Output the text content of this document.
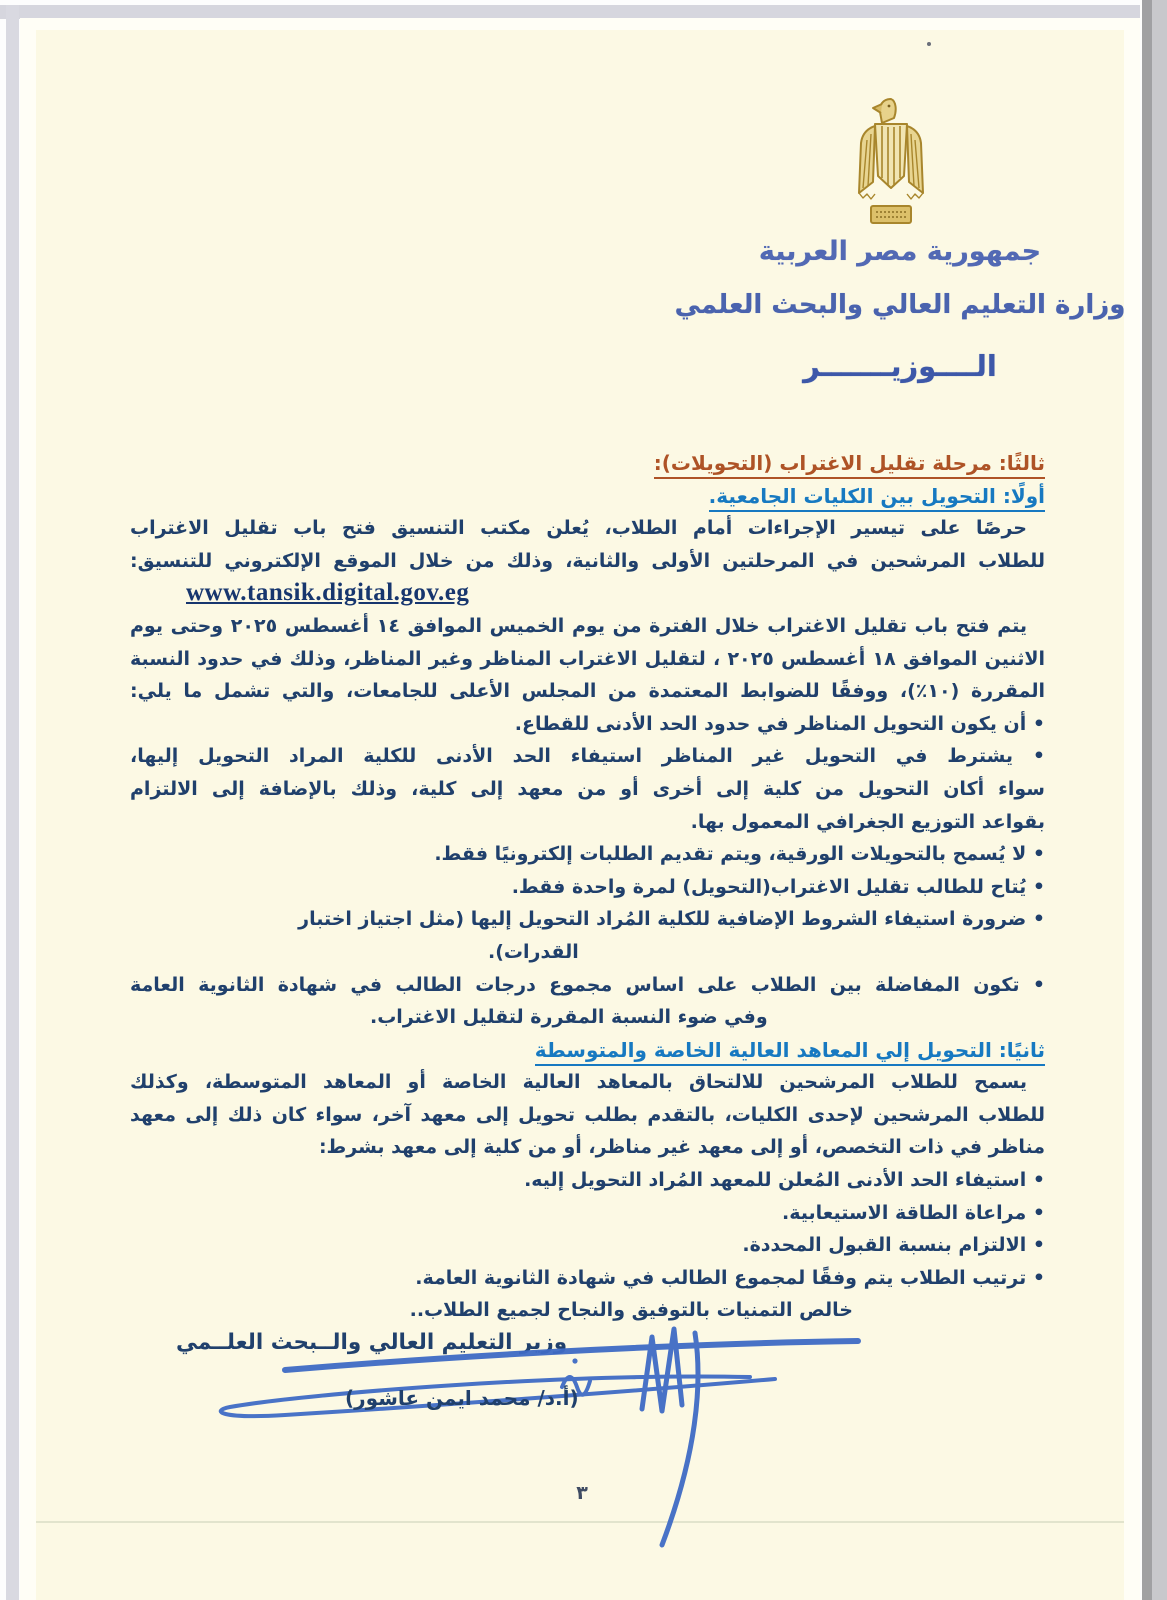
جمهورية مصر العربية
وزارة التعليم العالي والبحث العلمي
الــــوزيـــــــر
ثالثًا: مرحلة تقليل الاغتراب (التحويلات):
أولًا: التحويل بين الكليات الجامعية.
حرصًا على تيسير الإجراءات أمام الطلاب، يُعلن مكتب التنسيق فتح باب تقليل الاغتراب
للطلاب المرشحين في المرحلتين الأولى والثانية، وذلك من خلال الموقع الإلكتروني للتنسيق:
www.tansik.digital.gov.eg
يتم فتح باب تقليل الاغتراب خلال الفترة من يوم الخميس الموافق ١٤ أغسطس ٢٠٢٥ وحتى يوم
الاثنين الموافق ١٨ أغسطس ٢٠٢٥ ، لتقليل الاغتراب المناظر وغير المناظر، وذلك في حدود النسبة
المقررة (١٠٪)، ووفقًا للضوابط المعتمدة من المجلس الأعلى للجامعات، والتي تشمل ما يلي:
• أن يكون التحويل المناظر في حدود الحد الأدنى للقطاع.
• يشترط في التحويل غير المناظر استيفاء الحد الأدنى للكلية المراد التحويل إليها،
سواء أكان التحويل من كلية إلى أخرى أو من معهد إلى كلية، وذلك بالإضافة إلى الالتزام
بقواعد التوزيع الجغرافي المعمول بها.
• لا يُسمح بالتحويلات الورقية، ويتم تقديم الطلبات إلكترونيًا فقط.
• يُتاح للطالب تقليل الاغتراب(التحويل) لمرة واحدة فقط.
• ضرورة استيفاء الشروط الإضافية للكلية المُراد التحويل إليها (مثل اجتياز اختبار
القدرات).
• تكون المفاضلة بين الطلاب على اساس مجموع درجات الطالب في شهادة الثانوية العامة
وفي ضوء النسبة المقررة لتقليل الاغتراب.
ثانيًا: التحويل إلي المعاهد العالية الخاصة والمتوسطة
يسمح للطلاب المرشحين للالتحاق بالمعاهد العالية الخاصة أو المعاهد المتوسطة، وكذلك
للطلاب المرشحين لإحدى الكليات، بالتقدم بطلب تحويل إلى معهد آخر، سواء كان ذلك إلى معهد
مناظر في ذات التخصص، أو إلى معهد غير مناظر، أو من كلية إلى معهد بشرط:
• استيفاء الحد الأدنى المُعلن للمعهد المُراد التحويل إليه.
• مراعاة الطاقة الاستيعابية.
• الالتزام بنسبة القبول المحددة.
• ترتيب الطلاب يتم وفقًا لمجموع الطالب في شهادة الثانوية العامة.
خالص التمنيات بالتوفيق والنجاح لجميع الطلاب..
وزير التعليم العالي والــبحث العلــمي
(أ.د/ محمد ايمن عاشور)
٣
